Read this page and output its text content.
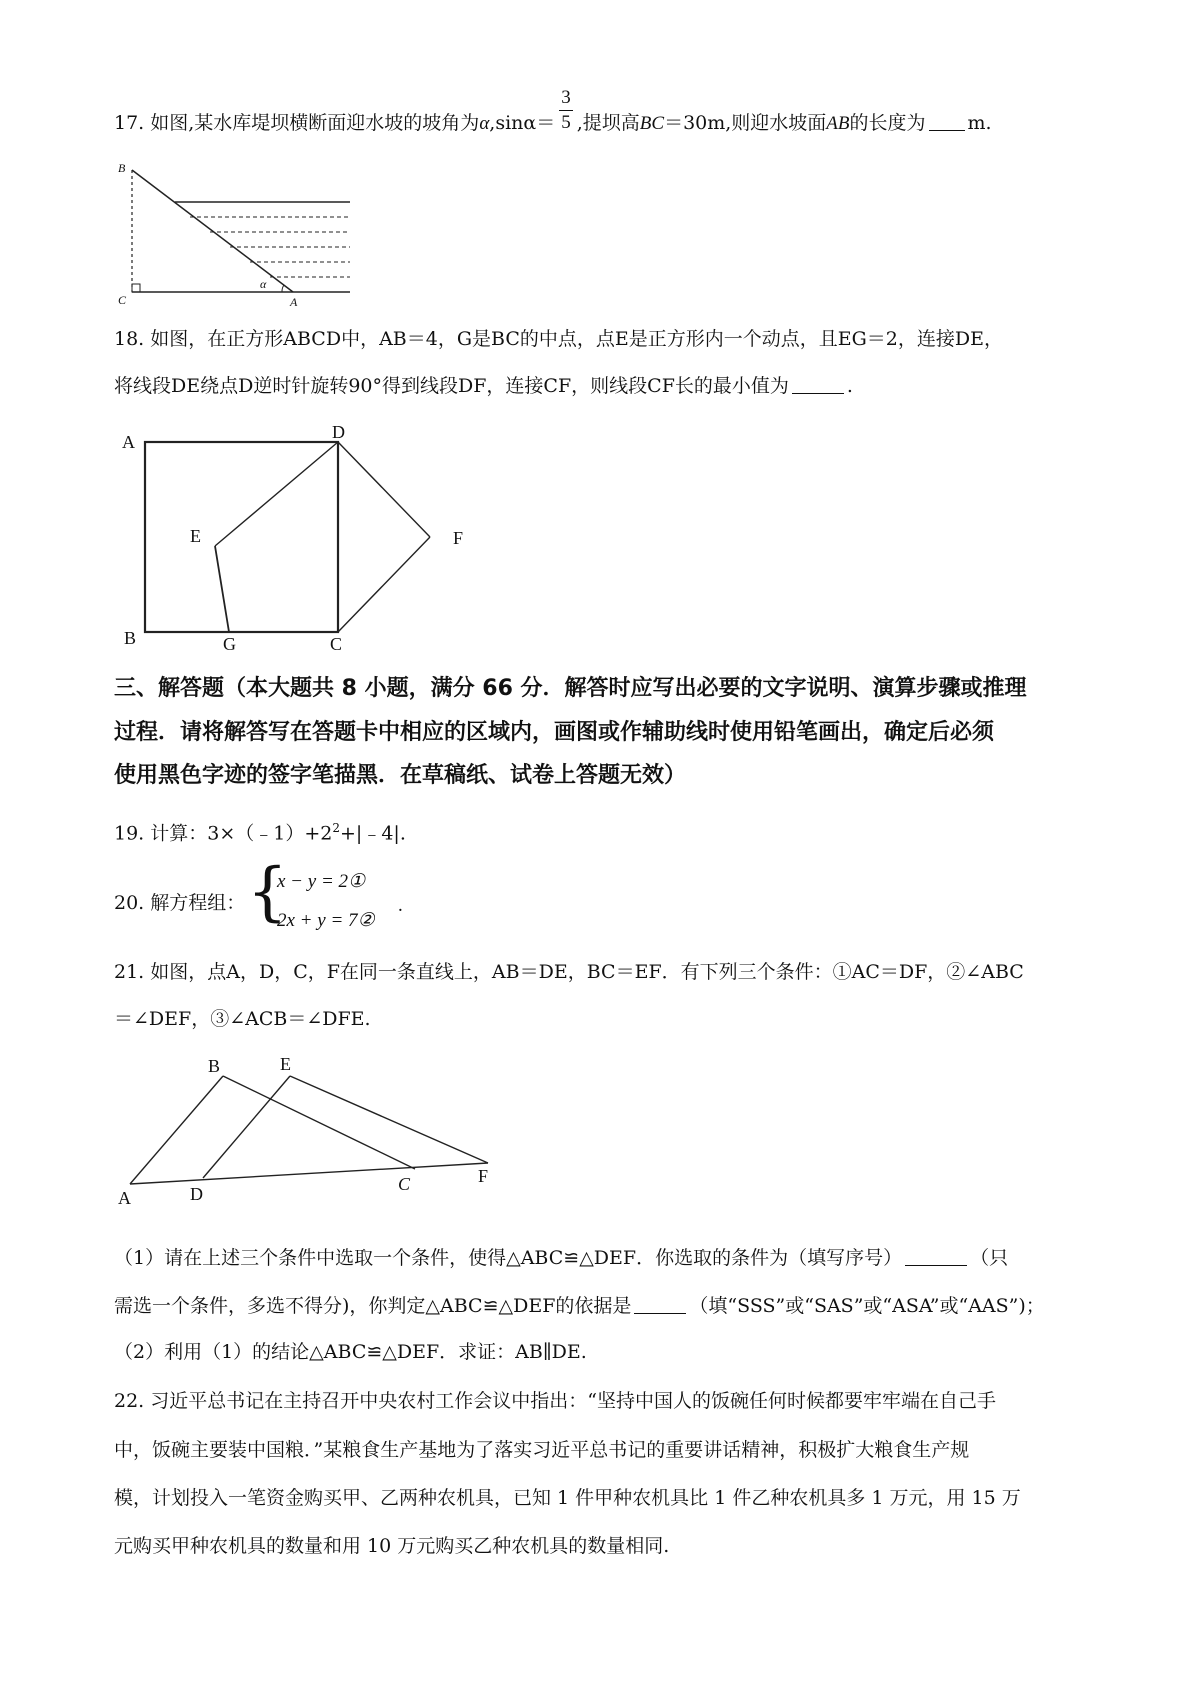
17. 如图,某水库堤坝横断面迎水坡的坡角为$\alpha,\sin\alpha= \frac{3}{5}$ ,提坝高BC＝30m,则迎水坡面AB的长度为 m.
B
C	A
α
18. 如图，在正方形ABCD中，AB＝4，G是BC的中点，点E是正方形内一个动点，且EG＝2，连接DE，
将线段DE绕点D逆时针旋转90°得到线段DF，连接CF，则线段CF长的最小值为	.
A	D
E	F
B	G	C
三、解答题（本大题共 8 小题，满分 66 分．解答时应写出必要的文字说明、演算步骤或推理
过程．请将解答写在答题卡中相应的区域内，画图或作辅助线时使用铅笔画出，确定后必须
使用黑色字迹的签字笔描黑．在草稿纸、试卷上答题无效）
19. 计算：$3\times(﹣1)+2^2+|﹣4|$.
20. 解方程组： {
x − y = 2①
2x + y = 7②
.
21. 如图，点A，D，C，F在同一条直线上，AB＝DE，BC＝EF．有下列三个条件：①AC＝DF，②∠ABC
＝∠DEF，③∠ACB＝∠DFE.
B	E
A	D	C	F
（1）请在上述三个条件中选取一个条件，使得△ABC≌△DEF．你选取的条件为（填写序号）	（只
需选一个条件，多选不得分)，你判定△ABC≌△DEF的依据是	（填“SSS”或“SAS”或“ASA”或“AAS”)；
（2）利用（1）的结论△ABC≌△DEF．求证：AB∥DE.
22. 习近平总书记在主持召开中央农村工作会议中指出：“坚持中国人的饭碗任何时候都要牢牢端在自己手
中，饭碗主要装中国粮．”某粮食生产基地为了落实习近平总书记的重要讲话精神，积极扩大粮食生产规
模，计划投入一笔资金购买甲、乙两种农机具，已知 1 件甲种农机具比 1 件乙种农机具多 1 万元，用 15 万
元购买甲种农机具的数量和用 10 万元购买乙种农机具的数量相同.
